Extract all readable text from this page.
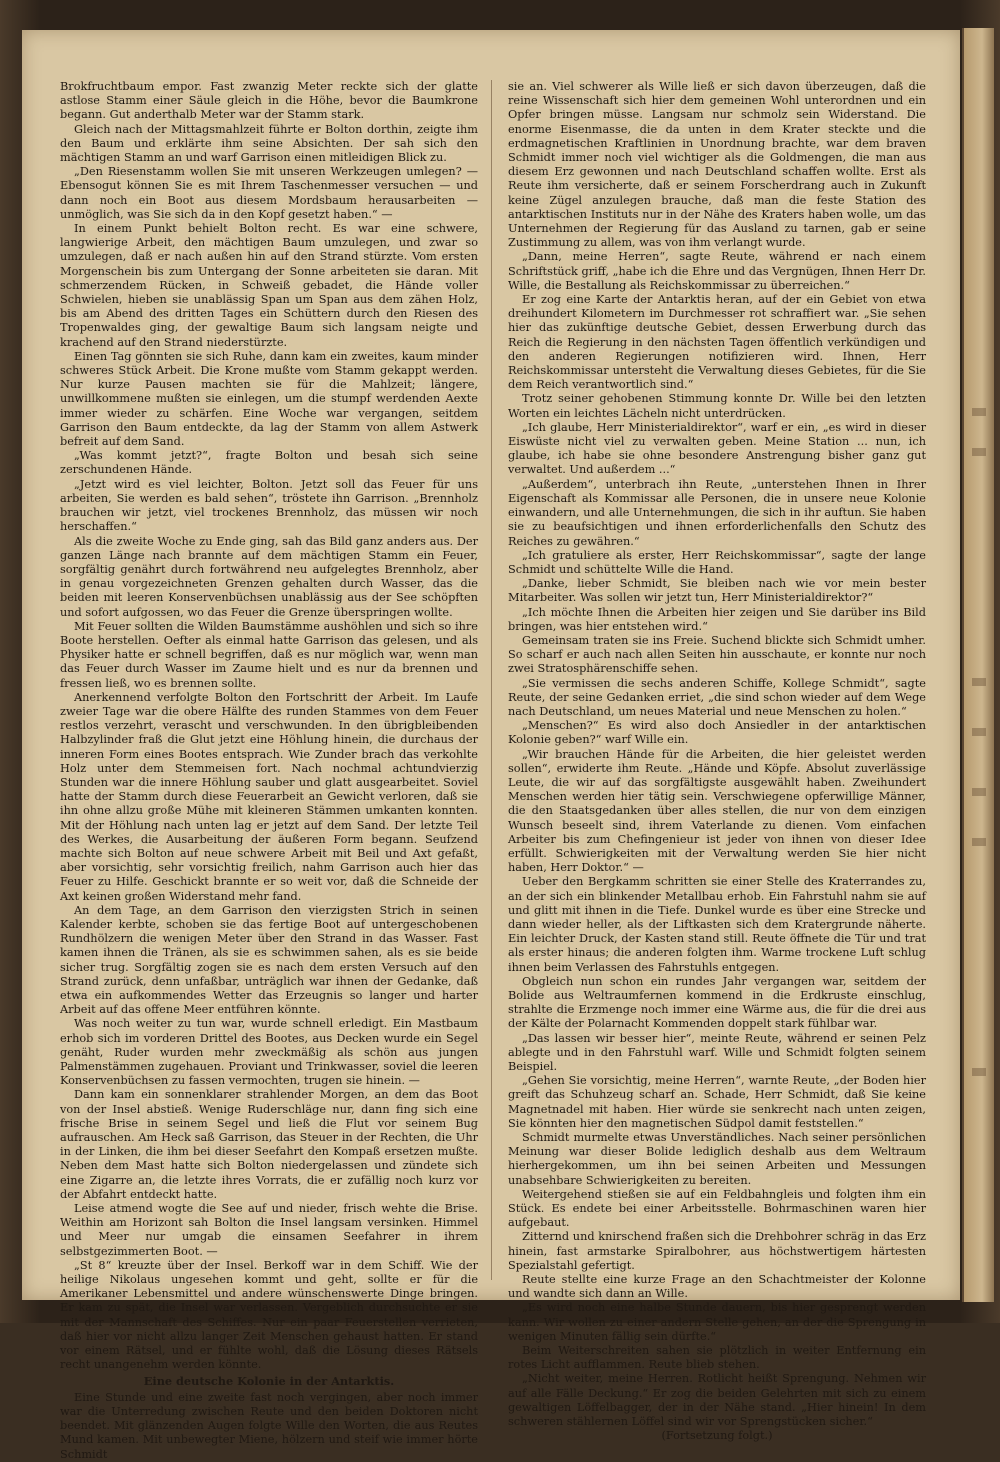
Brokfruchtbaum empor. Fast zwanzig Meter reckte sich der glatte astlose Stamm einer Säule gleich in die Höhe, bevor die Baumkrone begann. Gut anderthalb Meter war der Stamm stark.

Gleich nach der Mittagsmahlzeit führte er Bolton dorthin, zeigte ihm den Baum und erklärte ihm seine Absichten. Der sah sich den mächtigen Stamm an und warf Garrison einen mitleidigen Blick zu.

„Den Riesenstamm wollen Sie mit unseren Werkzeugen umlegen? — Ebensogut können Sie es mit Ihrem Taschenmesser versuchen — und dann noch ein Boot aus diesem Mordsbaum herausarbeiten — unmöglich, was Sie sich da in den Kopf gesetzt haben.“ —

In einem Punkt behielt Bolton recht. Es war eine schwere, langwierige Arbeit, den mächtigen Baum umzulegen, und zwar so umzulegen, daß er nach außen hin auf den Strand stürzte. Vom ersten Morgenschein bis zum Untergang der Sonne arbeiteten sie daran. Mit schmerzendem Rücken, in Schweiß gebadet, die Hände voller Schwielen, hieben sie unablässig Span um Span aus dem zähen Holz, bis am Abend des dritten Tages ein Schüttern durch den Riesen des Tropenwaldes ging, der gewaltige Baum sich langsam neigte und krachend auf den Strand niederstürzte.

Einen Tag gönnten sie sich Ruhe, dann kam ein zweites, kaum minder schweres Stück Arbeit. Die Krone mußte vom Stamm gekappt werden. Nur kurze Pausen machten sie für die Mahlzeit; längere, unwillkommene mußten sie einlegen, um die stumpf werdenden Aexte immer wieder zu schärfen. Eine Woche war vergangen, seitdem Garrison den Baum entdeckte, da lag der Stamm von allem Astwerk befreit auf dem Sand.

„Was kommt jetzt?“, fragte Bolton und besah sich seine zerschundenen Hände.

„Jetzt wird es viel leichter, Bolton. Jetzt soll das Feuer für uns arbeiten, Sie werden es bald sehen“, tröstete ihn Garrison. „Brennholz brauchen wir jetzt, viel trockenes Brennholz, das müssen wir noch herschaffen.“

Als die zweite Woche zu Ende ging, sah das Bild ganz anders aus. Der ganzen Länge nach brannte auf dem mächtigen Stamm ein Feuer, sorgfältig genährt durch fortwährend neu aufgelegtes Brennholz, aber in genau vorgezeichneten Grenzen gehalten durch Wasser, das die beiden mit leeren Konservenbüchsen unablässig aus der See schöpften und sofort aufgossen, wo das Feuer die Grenze überspringen wollte.

Mit Feuer sollten die Wilden Baumstämme aushöhlen und sich so ihre Boote herstellen. Oefter als einmal hatte Garrison das gelesen, und als Physiker hatte er schnell begriffen, daß es nur möglich war, wenn man das Feuer durch Wasser im Zaume hielt und es nur da brennen und fressen ließ, wo es brennen sollte.

Anerkennend verfolgte Bolton den Fortschritt der Arbeit. Im Laufe zweier Tage war die obere Hälfte des runden Stammes von dem Feuer restlos verzehrt, verascht und verschwunden. In den übrigbleibenden Halbzylinder fraß die Glut jetzt eine Höhlung hinein, die durchaus der inneren Form eines Bootes entsprach. Wie Zunder brach das verkohlte Holz unter dem Stemmeisen fort. Nach nochmal achtundvierzig Stunden war die innere Höhlung sauber und glatt ausgearbeitet. Soviel hatte der Stamm durch diese Feuerarbeit an Gewicht verloren, daß sie ihn ohne allzu große Mühe mit kleineren Stämmen umkanten konnten. Mit der Höhlung nach unten lag er jetzt auf dem Sand. Der letzte Teil des Werkes, die Ausarbeitung der äußeren Form begann. Seufzend machte sich Bolton auf neue schwere Arbeit mit Beil und Axt gefaßt, aber vorsichtig, sehr vorsichtig freilich, nahm Garrison auch hier das Feuer zu Hilfe. Geschickt brannte er so weit vor, daß die Schneide der Axt keinen großen Widerstand mehr fand.

An dem Tage, an dem Garrison den vierzigsten Strich in seinen Kalender kerbte, schoben sie das fertige Boot auf untergeschobenen Rundhölzern die wenigen Meter über den Strand in das Wasser. Fast kamen ihnen die Tränen, als sie es schwimmen sahen, als es sie beide sicher trug. Sorgfältig zogen sie es nach dem ersten Versuch auf den Strand zurück, denn unfaßbar, unträglich war ihnen der Gedanke, daß etwa ein aufkommendes Wetter das Erzeugnis so langer und harter Arbeit auf das offene Meer entführen könnte.

Was noch weiter zu tun war, wurde schnell erledigt. Ein Mastbaum erhob sich im vorderen Drittel des Bootes, aus Decken wurde ein Segel genäht, Ruder wurden mehr zweckmäßig als schön aus jungen Palmenstämmen zugehauen. Proviant und Trinkwasser, soviel die leeren Konservenbüchsen zu fassen vermochten, trugen sie hinein. —

Dann kam ein sonnenklarer strahlender Morgen, an dem das Boot von der Insel abstieß. Wenige Ruderschläge nur, dann fing sich eine frische Brise in seinem Segel und ließ die Flut vor seinem Bug aufrauschen. Am Heck saß Garrison, das Steuer in der Rechten, die Uhr in der Linken, die ihm bei dieser Seefahrt den Kompaß ersetzen mußte. Neben dem Mast hatte sich Bolton niedergelassen und zündete sich eine Zigarre an, die letzte ihres Vorrats, die er zufällig noch kurz vor der Abfahrt entdeckt hatte.

Leise atmend wogte die See auf und nieder, frisch wehte die Brise. Weithin am Horizont sah Bolton die Insel langsam versinken. Himmel und Meer nur umgab die einsamen Seefahrer in ihrem selbstgezimmerten Boot. —

„St 8“ kreuzte über der Insel. Berkoff war in dem Schiff. Wie der heilige Nikolaus ungesehen kommt und geht, sollte er für die Amerikaner Lebensmittel und andere wünschenswerte Dinge bringen. Er kam zu spät, die Insel war verlassen. Vergeblich durchsuchte er sie mit der Mannschaft des Schiffes. Nur ein paar Feuerstellen verrieten, daß hier vor nicht allzu langer Zeit Menschen gehaust hatten. Er stand vor einem Rätsel, und er fühlte wohl, daß die Lösung dieses Rätsels recht unangenehm werden könnte.

Eine deutsche Kolonie in der Antarktis.

Eine Stunde und eine zweite fast noch vergingen, aber noch immer war die Unterredung zwischen Reute und den beiden Doktoren nicht beendet. Mit glänzenden Augen folgte Wille den Worten, die aus Reutes Mund kamen. Mit unbewegter Miene, hölzern und steif wie immer hörte Schmidt

sie an. Viel schwerer als Wille ließ er sich davon überzeugen, daß die reine Wissenschaft sich hier dem gemeinen Wohl unterordnen und ein Opfer bringen müsse. Langsam nur schmolz sein Widerstand. Die enorme Eisenmasse, die da unten in dem Krater steckte und die erdmagnetischen Kraftlinien in Unordnung brachte, war dem braven Schmidt immer noch viel wichtiger als die Goldmengen, die man aus diesem Erz gewonnen und nach Deutschland schaffen wollte. Erst als Reute ihm versicherte, daß er seinem Forscherdrang auch in Zukunft keine Zügel anzulegen brauche, daß man die feste Station des antarktischen Instituts nur in der Nähe des Kraters haben wolle, um das Unternehmen der Regierung für das Ausland zu tarnen, gab er seine Zustimmung zu allem, was von ihm verlangt wurde.

„Dann, meine Herren“, sagte Reute, während er nach einem Schriftstück griff, „habe ich die Ehre und das Vergnügen, Ihnen Herr Dr. Wille, die Bestallung als Reichskommissar zu überreichen.“

Er zog eine Karte der Antarktis heran, auf der ein Gebiet von etwa dreihundert Kilometern im Durchmesser rot schraffiert war. „Sie sehen hier das zukünftige deutsche Gebiet, dessen Erwerbung durch das Reich die Regierung in den nächsten Tagen öffentlich verkündigen und den anderen Regierungen notifizieren wird. Ihnen, Herr Reichskommissar untersteht die Verwaltung dieses Gebietes, für die Sie dem Reich verantwortlich sind.“

Trotz seiner gehobenen Stimmung konnte Dr. Wille bei den letzten Worten ein leichtes Lächeln nicht unterdrücken.

„Ich glaube, Herr Ministerialdirektor“, warf er ein, „es wird in dieser Eiswüste nicht viel zu verwalten geben. Meine Station ... nun, ich glaube, ich habe sie ohne besondere Anstrengung bisher ganz gut verwaltet. Und außerdem ...“

„Außerdem“, unterbrach ihn Reute, „unterstehen Ihnen in Ihrer Eigenschaft als Kommissar alle Personen, die in unsere neue Kolonie einwandern, und alle Unternehmungen, die sich in ihr auftun. Sie haben sie zu beaufsichtigen und ihnen erforderlichenfalls den Schutz des Reiches zu gewähren.“

„Ich gratuliere als erster, Herr Reichskommissar“, sagte der lange Schmidt und schüttelte Wille die Hand.

„Danke, lieber Schmidt, Sie bleiben nach wie vor mein bester Mitarbeiter. Was sollen wir jetzt tun, Herr Ministerialdirektor?“

„Ich möchte Ihnen die Arbeiten hier zeigen und Sie darüber ins Bild bringen, was hier entstehen wird.“

Gemeinsam traten sie ins Freie. Suchend blickte sich Schmidt umher. So scharf er auch nach allen Seiten hin ausschaute, er konnte nur noch zwei Stratosphärenschiffe sehen.

„Sie vermissen die sechs anderen Schiffe, Kollege Schmidt“, sagte Reute, der seine Gedanken erriet, „die sind schon wieder auf dem Wege nach Deutschland, um neues Material und neue Menschen zu holen.“

„Menschen?“ Es wird also doch Ansiedler in der antarktischen Kolonie geben?“ warf Wille ein.

„Wir brauchen Hände für die Arbeiten, die hier geleistet werden sollen“, erwiderte ihm Reute. „Hände und Köpfe. Absolut zuverlässige Leute, die wir auf das sorgfältigste ausgewählt haben. Zweihundert Menschen werden hier tätig sein. Verschwiegene opferwillige Männer, die den Staatsgedanken über alles stellen, die nur von dem einzigen Wunsch beseelt sind, ihrem Vaterlande zu dienen. Vom einfachen Arbeiter bis zum Chefingenieur ist jeder von ihnen von dieser Idee erfüllt. Schwierigkeiten mit der Verwaltung werden Sie hier nicht haben, Herr Doktor.“ —

Ueber den Bergkamm schritten sie einer Stelle des Kraterrandes zu, an der sich ein blinkender Metallbau erhob. Ein Fahrstuhl nahm sie auf und glitt mit ihnen in die Tiefe. Dunkel wurde es über eine Strecke und dann wieder heller, als der Liftkasten sich dem Kratergrunde näherte. Ein leichter Druck, der Kasten stand still. Reute öffnete die Tür und trat als erster hinaus; die anderen folgten ihm. Warme trockene Luft schlug ihnen beim Verlassen des Fahrstuhls entgegen.

Obgleich nun schon ein rundes Jahr vergangen war, seitdem der Bolide aus Weltraumfernen kommend in die Erdkruste einschlug, strahlte die Erzmenge noch immer eine Wärme aus, die für die drei aus der Kälte der Polarnacht Kommenden doppelt stark fühlbar war.

„Das lassen wir besser hier“, meinte Reute, während er seinen Pelz ablegte und in den Fahrstuhl warf. Wille und Schmidt folgten seinem Beispiel.

„Gehen Sie vorsichtig, meine Herren“, warnte Reute, „der Boden hier greift das Schuhzeug scharf an. Schade, Herr Schmidt, daß Sie keine Magnetnadel mit haben. Hier würde sie senkrecht nach unten zeigen, Sie könnten hier den magnetischen Südpol damit feststellen.“

Schmidt murmelte etwas Unverständliches. Nach seiner persönlichen Meinung war dieser Bolide lediglich deshalb aus dem Weltraum hierhergekommen, um ihn bei seinen Arbeiten und Messungen unabsehbare Schwierigkeiten zu bereiten.

Weitergehend stießen sie auf ein Feldbahngleis und folgten ihm ein Stück. Es endete bei einer Arbeitsstelle. Bohrmaschinen waren hier aufgebaut.

Zitternd und knirschend fraßen sich die Drehbohrer schräg in das Erz hinein, fast armstarke Spiralbohrer, aus höchstwertigem härtesten Spezialstahl gefertigt.

Reute stellte eine kurze Frage an den Schachtmeister der Kolonne und wandte sich dann an Wille.

„Es wird noch eine halbe Stunde dauern, bis hier gesprengt werden kann. Wir wollen zu einer andern Stelle gehen, an der die Sprengung in wenigen Minuten fällig sein dürfte.“

Beim Weiterschreiten sahen sie plötzlich in weiter Entfernung ein rotes Licht aufflammen. Reute blieb stehen.

„Nicht weiter, meine Herren. Rotlicht heißt Sprengung. Nehmen wir auf alle Fälle Deckung.“ Er zog die beiden Gelehrten mit sich zu einem gewaltigen Löffelbagger, der in der Nähe stand. „Hier hinein! In dem schweren stählernen Löffel sind wir vor Sprengstücken sicher.“

(Fortsetzung folgt.)
